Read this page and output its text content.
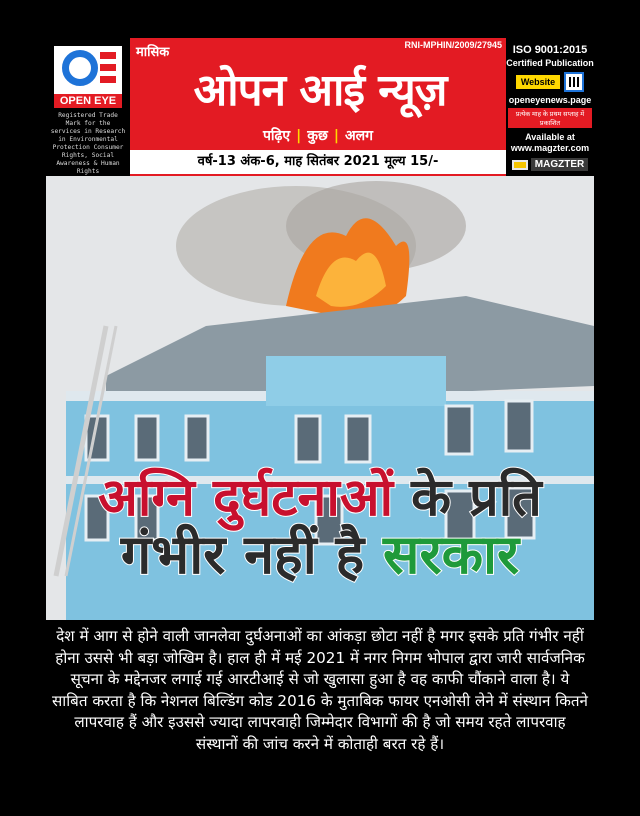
OPEN EYE
Registered Trade Mark for the services in Research in Environmental Protection Consumer Rights, Social Awareness & Human Rights
मासिक	RNI-MPHIN/2009/27945
ओपन आई न्यूज़
पढ़िए | कुछ | अलग
वर्ष-13 अंक-6, माह सितंबर 2021 मूल्य 15/-
ISO 9001:2015
Certified Publication
Website
openeyenews.page
प्रत्येक माह के प्रथम सप्ताह में प्रकाशित
Available at
www.magzter.com
MAGZTER
अग्नि दुर्घटनाओं के प्रति
गंभीर नहीं है सरकार
देश में आग से होने वाली जानलेवा दुर्घअनाओं का आंकड़ा छोटा नहीं है मगर इसके प्रति गंभीर नहीं होना उससे भी बड़ा जोखिम है। हाल ही में मई 2021 में नगर निगम भोपाल द्वारा जारी सार्वजनिक सूचना के मद्देनजर लगाई गई आरटीआई से जो खुलासा हुआ है वह काफी चौंकाने वाला है। ये साबित करता है कि नेशनल बिल्डिंग कोड 2016 के मुताबिक फायर एनओसी लेने में संस्थान कितने लापरवाह हैं और इउससे ज्यादा लापरवाही जिम्मेदार विभागों की है जो समय रहते लापरवाह संस्थानों की जांच करने में कोताही बरत रहे हैं।
